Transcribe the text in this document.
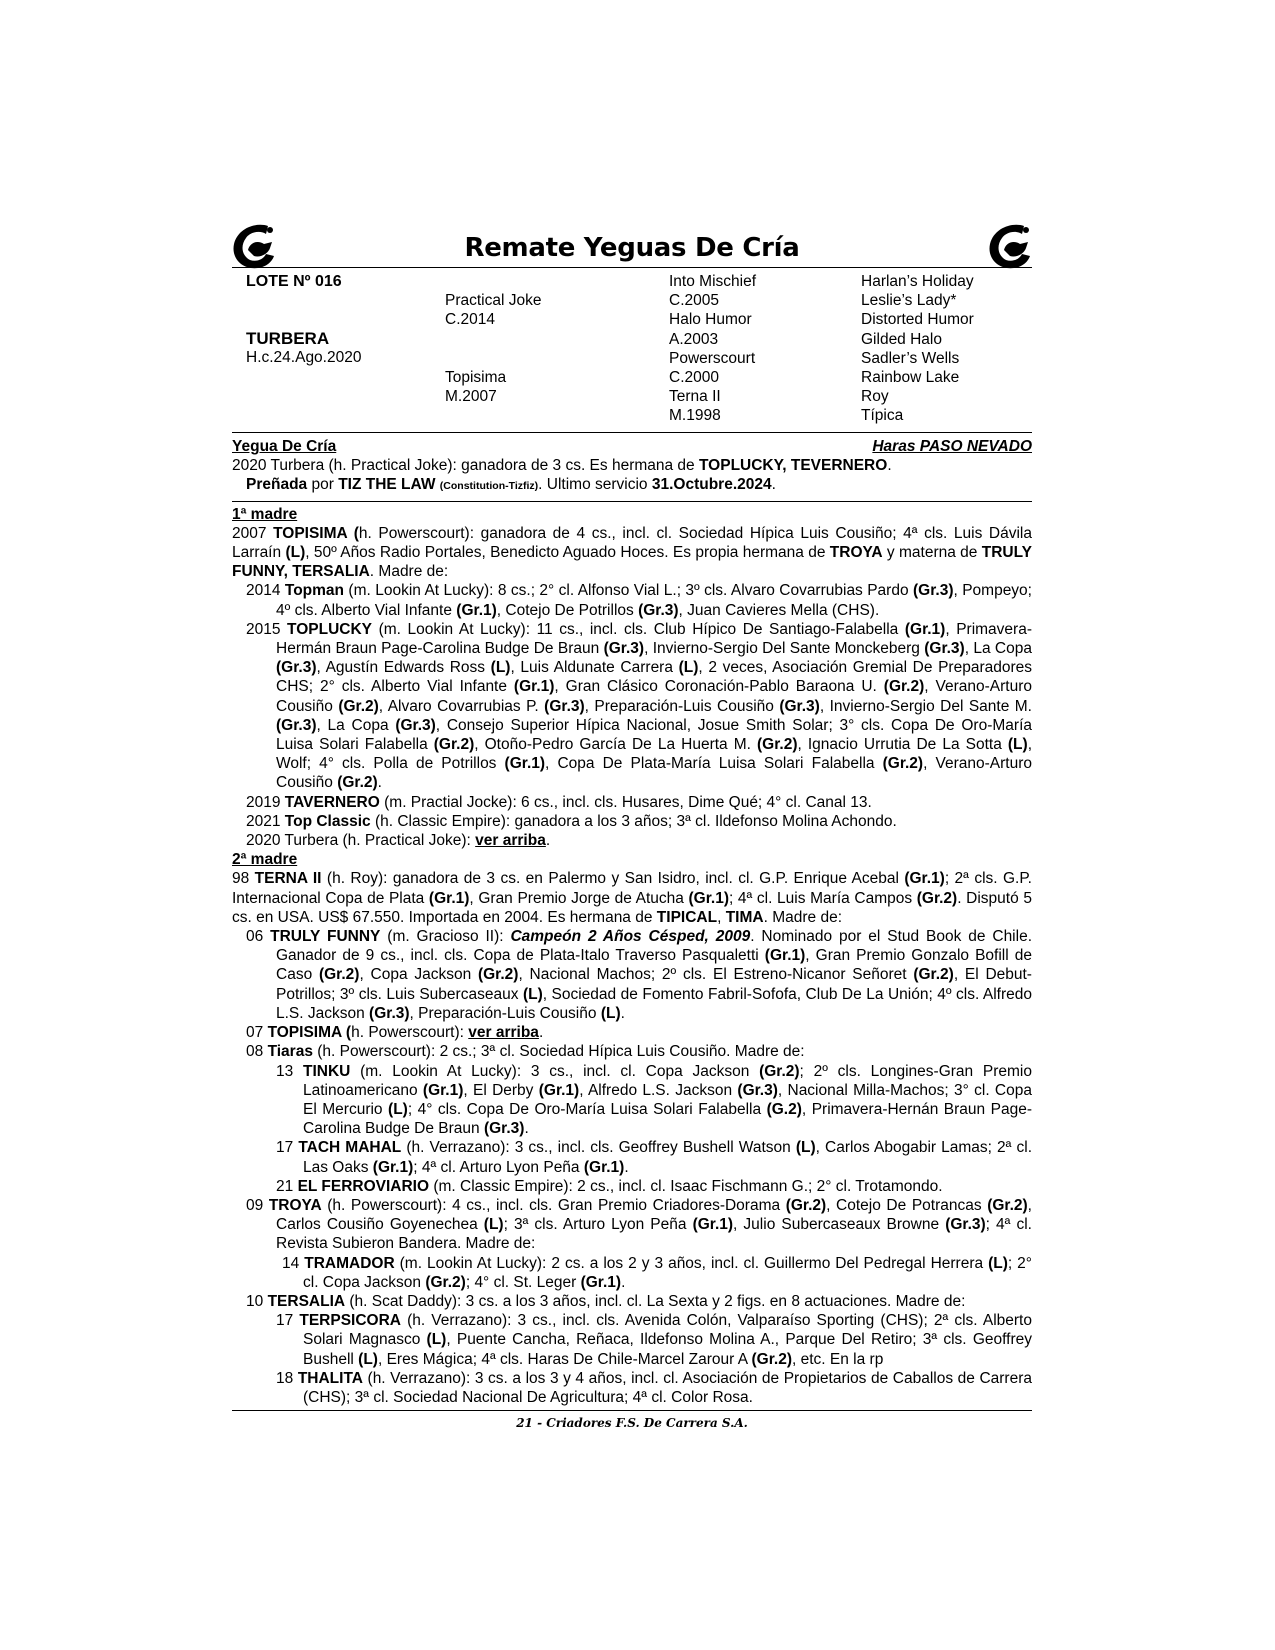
Remate Yeguas De Cría
LOTE Nº 016
TURBERA
H.c.24.Ago.2020

Practical Joke
C.2014

Topisima
M.2007
Into Mischief
C.2005
Halo Humor
A.2003
Powerscourt
C.2000
Terna II
M.1998
Harlan’s Holiday
Leslie’s Lady*
Distorted Humor
Gilded Halo
Sadler’s Wells
Rainbow Lake
Roy
Típica
Yegua De Cría	Haras PASO NEVADO

2020 Turbera (h. Practical Joke): ganadora de 3 cs. Es hermana de TOPLUCKY, TEVERNERO.

Preñada por TIZ THE LAW (Constitution-Tizfiz). Ultimo servicio 31.Octubre.2024.

1ª madre

2007 TOPISIMA (h. Powerscourt): ganadora de 4 cs., incl. cl. Sociedad Hípica Luis Cousiño; 4ª cls. Luis Dávila Larraín (L), 50º Años Radio Portales, Benedicto Aguado Hoces. Es propia hermana de TROYA y materna de TRULY FUNNY, TERSALIA. Madre de:

2014 Topman (m. Lookin At Lucky): 8 cs.; 2° cl. Alfonso Vial L.; 3º cls. Alvaro Covarrubias Pardo (Gr.3), Pompeyo; 4º cls. Alberto Vial Infante (Gr.1), Cotejo De Potrillos (Gr.3), Juan Cavieres Mella (CHS).

2015 TOPLUCKY (m. Lookin At Lucky): 11 cs., incl. cls. Club Hípico De Santiago-Falabella (Gr.1), Primavera-Hermán Braun Page-Carolina Budge De Braun (Gr.3), Invierno-Sergio Del Sante Monckeberg (Gr.3), La Copa (Gr.3), Agustín Edwards Ross (L), Luis Aldunate Carrera (L), 2 veces, Asociación Gremial De Preparadores CHS; 2° cls. Alberto Vial Infante (Gr.1), Gran Clásico Coronación-Pablo Baraona U. (Gr.2), Verano-Arturo Cousiño (Gr.2), Alvaro Covarrubias P. (Gr.3), Preparación-Luis Cousiño (Gr.3), Invierno-Sergio Del Sante M. (Gr.3), La Copa (Gr.3), Consejo Superior Hípica Nacional, Josue Smith Solar; 3° cls. Copa De Oro-María Luisa Solari Falabella (Gr.2), Otoño-Pedro García De La Huerta M. (Gr.2), Ignacio Urrutia De La Sotta (L), Wolf; 4° cls. Polla de Potrillos (Gr.1), Copa De Plata-María Luisa Solari Falabella (Gr.2), Verano-Arturo Cousiño (Gr.2).

2019 TAVERNERO (m. Practial Jocke): 6 cs., incl. cls. Husares, Dime Qué; 4° cl. Canal 13.

2021 Top Classic (h. Classic Empire): ganadora a los 3 años; 3ª cl. Ildefonso Molina Achondo.

2020 Turbera (h. Practical Joke): ver arriba.

2ª madre

98 TERNA II (h. Roy): ganadora de 3 cs. en Palermo y San Isidro, incl. cl. G.P. Enrique Acebal (Gr.1); 2ª cls. G.P. Internacional Copa de Plata (Gr.1), Gran Premio Jorge de Atucha (Gr.1); 4ª cl. Luis María Campos (Gr.2). Disputó 5 cs. en USA. US$ 67.550. Importada en 2004. Es hermana de TIPICAL, TIMA. Madre de:

06 TRULY FUNNY (m. Gracioso II): Campeón 2 Años Césped, 2009. Nominado por el Stud Book de Chile. Ganador de 9 cs., incl. cls. Copa de Plata-Italo Traverso Pasqualetti (Gr.1), Gran Premio Gonzalo Bofill de Caso (Gr.2), Copa Jackson (Gr.2), Nacional Machos; 2º cls. El Estreno-Nicanor Señoret (Gr.2), El Debut-Potrillos; 3º cls. Luis Subercaseaux (L), Sociedad de Fomento Fabril-Sofofa, Club De La Unión; 4º cls. Alfredo L.S. Jackson (Gr.3), Preparación-Luis Cousiño (L).

07 TOPISIMA (h. Powerscourt): ver arriba.

08 Tiaras (h. Powerscourt): 2 cs.; 3ª cl. Sociedad Hípica Luis Cousiño. Madre de:

13 TINKU (m. Lookin At Lucky): 3 cs., incl. cl. Copa Jackson (Gr.2); 2º cls. Longines-Gran Premio Latinoamericano (Gr.1), El Derby (Gr.1), Alfredo L.S. Jackson (Gr.3), Nacional Milla-Machos; 3° cl. Copa El Mercurio (L); 4° cls. Copa De Oro-María Luisa Solari Falabella (G.2), Primavera-Hernán Braun Page-Carolina Budge De Braun (Gr.3).

17 TACH MAHAL (h. Verrazano): 3 cs., incl. cls. Geoffrey Bushell Watson (L), Carlos Abogabir Lamas; 2ª cl. Las Oaks (Gr.1); 4ª cl. Arturo Lyon Peña (Gr.1).

21 EL FERROVIARIO (m. Classic Empire): 2 cs., incl. cl. Isaac Fischmann G.; 2° cl. Trotamondo.

09 TROYA (h. Powerscourt): 4 cs., incl. cls. Gran Premio Criadores-Dorama (Gr.2), Cotejo De Potrancas (Gr.2), Carlos Cousiño Goyenechea (L); 3ª cls. Arturo Lyon Peña (Gr.1), Julio Subercaseaux Browne (Gr.3); 4ª cl. Revista Subieron Bandera. Madre de:

14 TRAMADOR (m. Lookin At Lucky): 2 cs. a los 2 y 3 años, incl. cl. Guillermo Del Pedregal Herrera (L); 2° cl. Copa Jackson (Gr.2); 4° cl. St. Leger (Gr.1).

10 TERSALIA (h. Scat Daddy): 3 cs. a los 3 años, incl. cl. La Sexta y 2 figs. en 8 actuaciones. Madre de:

17 TERPSICORA (h. Verrazano): 3 cs., incl. cls. Avenida Colón, Valparaíso Sporting (CHS); 2ª cls. Alberto Solari Magnasco (L), Puente Cancha, Reñaca, Ildefonso Molina A., Parque Del Retiro; 3ª cls. Geoffrey Bushell (L), Eres Mágica; 4ª cls. Haras De Chile-Marcel Zarour A (Gr.2), etc. En la rp

18 THALITA (h. Verrazano): 3 cs. a los 3 y 4 años, incl. cl. Asociación de Propietarios de Caballos de Carrera (CHS); 3ª cl. Sociedad Nacional De Agricultura; 4ª cl. Color Rosa.

21 - Criadores F.S. De Carrera S.A.
